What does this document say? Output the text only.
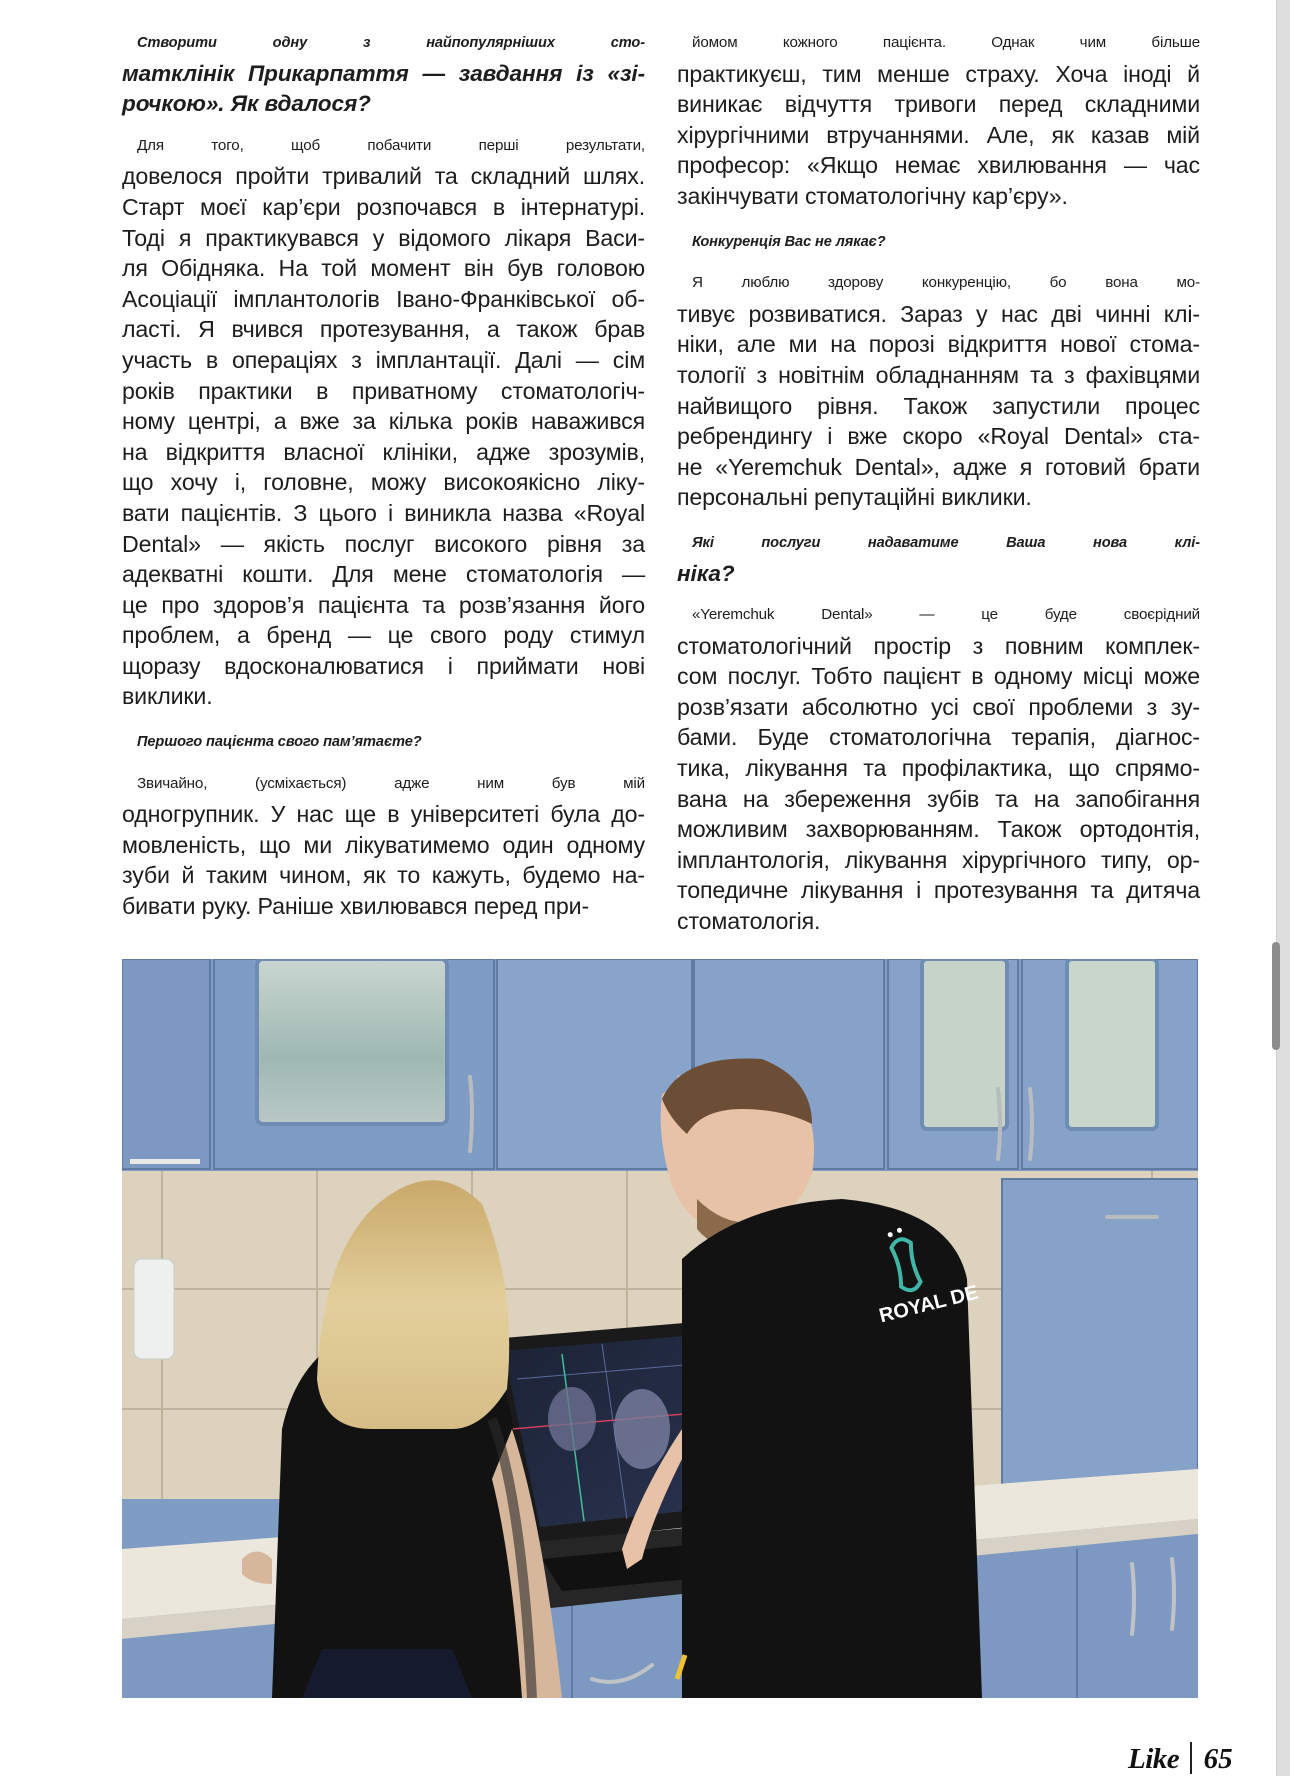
Створити одну з найпопулярніших сто-
матклінік Прикарпаття — завдання із «зі-
рочкою». Як вдалося?
Для того, щоб побачити перші результати,
довелося пройти тривалий та складний шлях.
Старт моєї кар’єри розпочався в інтернатурі.
Тоді я практикувався у відомого лікаря Васи-
ля Обідняка. На той момент він був головою
Асоціації імплантологів Івано-Франківської об-
ласті. Я вчився протезування, а також брав
участь в операціях з імплантації. Далі — сім
років практики в приватному стоматологіч-
ному центрі, а вже за кілька років наважився
на відкриття власної клініки, адже зрозумів,
що хочу і, головне, можу високоякісно ліку-
вати пацієнтів. З цього і виникла назва «Royal
Dental» — якість послуг високого рівня за
адекватні кошти. Для мене стоматологія —
це про здоров’я пацієнта та розв’язання його
проблем, а бренд — це свого роду стимул
щоразу вдосконалюватися і приймати нові
виклики.
Першого пацієнта свого пам’ятаєте?
Звичайно, (усміхається) адже ним був мій
одногрупник. У нас ще в університеті була до-
мовленість, що ми лікуватимемо один одному
зуби й таким чином, як то кажуть, будемо на-
бивати руку. Раніше хвилювався перед при-
йомом кожного пацієнта. Однак чим більше
практикуєш, тим менше страху. Хоча іноді й
виникає відчуття тривоги перед складними
хірургічними втручаннями. Але, як казав мій
професор: «Якщо немає хвилювання — час
закінчувати стоматологічну кар’єру».
Конкуренція Вас не лякає?
Я люблю здорову конкуренцію, бо вона мо-
тивує розвиватися. Зараз у нас дві чинні клі-
ніки, але ми на порозі відкриття нової стома-
тології з новітнім обладнанням та з фахівцями
найвищого рівня. Також запустили процес
ребрендингу і вже скоро «Royal Dental» ста-
не «Yeremchuk Dental», адже я готовий брати
персональні репутаційні виклики.
Які послуги надаватиме Ваша нова клі-
ніка?
«Yeremchuk Dental» — це буде своєрідний
стоматологічний простір з повним комплек-
сом послуг. Тобто пацієнт в одному місці може
розв’язати абсолютно усі свої проблеми з зу-
бами. Буде стоматологічна терапія, діагнос-
тика, лікування та профілактика, що спрямо-
вана на збереження зубів та на запобігання
можливим захворюванням. Також ортодонтія,
імплантологія, лікування хірургічного типу, ор-
топедичне лікування і протезування та дитяча
стоматологія.
ROYAL DE
Like 65
